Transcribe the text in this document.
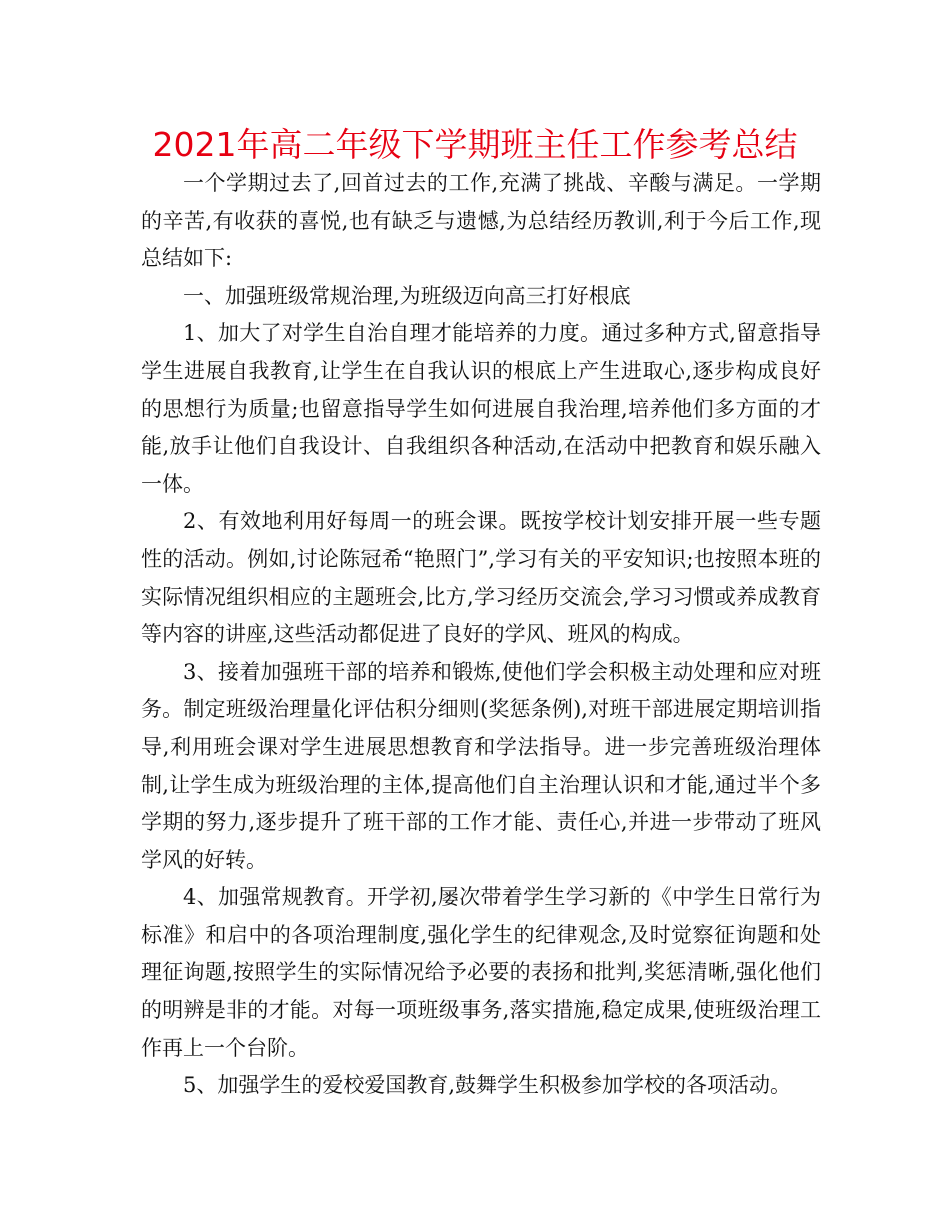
2021年高二年级下学期班主任工作参考总结

一个学期过去了,回首过去的工作,充满了挑战、辛酸与满足。一学期的辛苦,有收获的喜悦,也有缺乏与遗憾,为总结经历教训,利于今后工作,现总结如下:

一、加强班级常规治理,为班级迈向高三打好根底

1、加大了对学生自治自理才能培养的力度。通过多种方式,留意指导学生进展自我教育,让学生在自我认识的根底上产生进取心,逐步构成良好的思想行为质量;也留意指导学生如何进展自我治理,培养他们多方面的才能,放手让他们自我设计、自我组织各种活动,在活动中把教育和娱乐融入一体。

2、有效地利用好每周一的班会课。既按学校计划安排开展一些专题性的活动。例如,讨论陈冠希“艳照门”,学习有关的平安知识;也按照本班的实际情况组织相应的主题班会,比方,学习经历交流会,学习习惯或养成教育等内容的讲座,这些活动都促进了良好的学风、班风的构成。

3、接着加强班干部的培养和锻炼,使他们学会积极主动处理和应对班务。制定班级治理量化评估积分细则(奖惩条例),对班干部进展定期培训指导,利用班会课对学生进展思想教育和学法指导。进一步完善班级治理体制,让学生成为班级治理的主体,提高他们自主治理认识和才能,通过半个多学期的努力,逐步提升了班干部的工作才能、责任心,并进一步带动了班风学风的好转。

4、加强常规教育。开学初,屡次带着学生学习新的《中学生日常行为标准》和启中的各项治理制度,强化学生的纪律观念,及时觉察征询题和处理征询题,按照学生的实际情况给予必要的表扬和批判,奖惩清晰,强化他们的明辨是非的才能。对每一项班级事务,落实措施,稳定成果,使班级治理工作再上一个台阶。

5、加强学生的爱校爱国教育,鼓舞学生积极参加学校的各项活动。
